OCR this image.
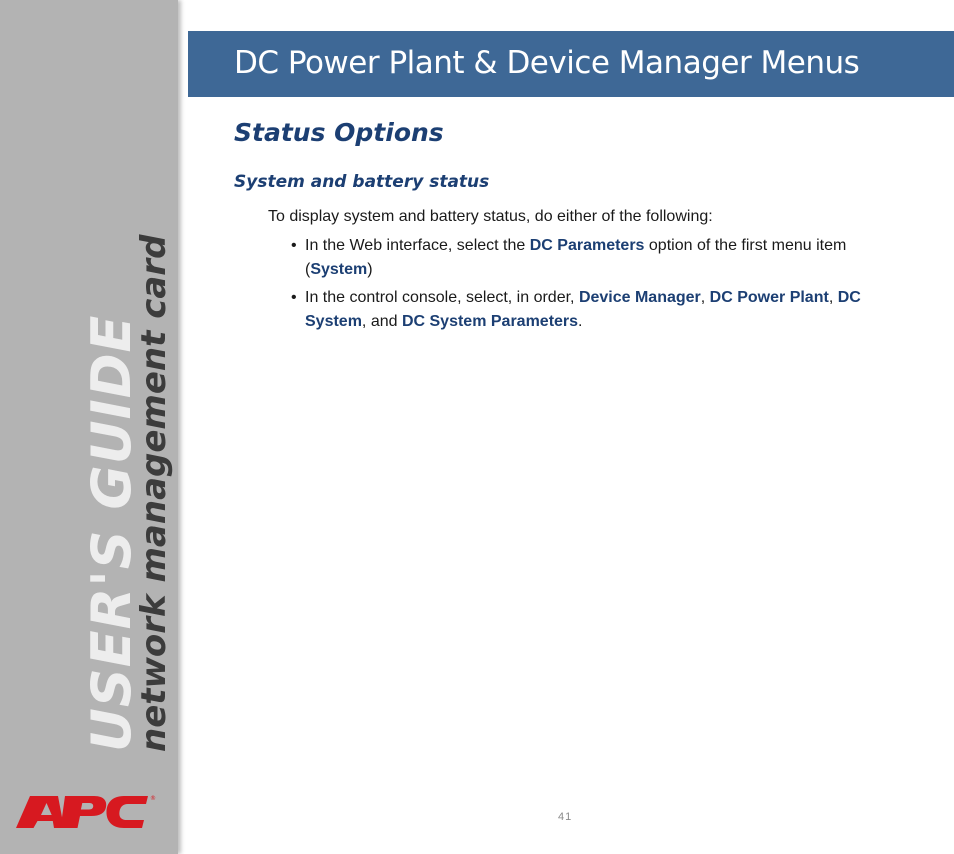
USER'S GUIDE
network management card
®
DC Power Plant & Device Manager Menus
Status Options
System and battery status

To display system and battery status, do either of the following:

• In the Web interface, select the DC Parameters option of the first menu item (System)
• In the control console, select, in order, Device Manager, DC Power Plant, DC System, and DC System Parameters.
41
